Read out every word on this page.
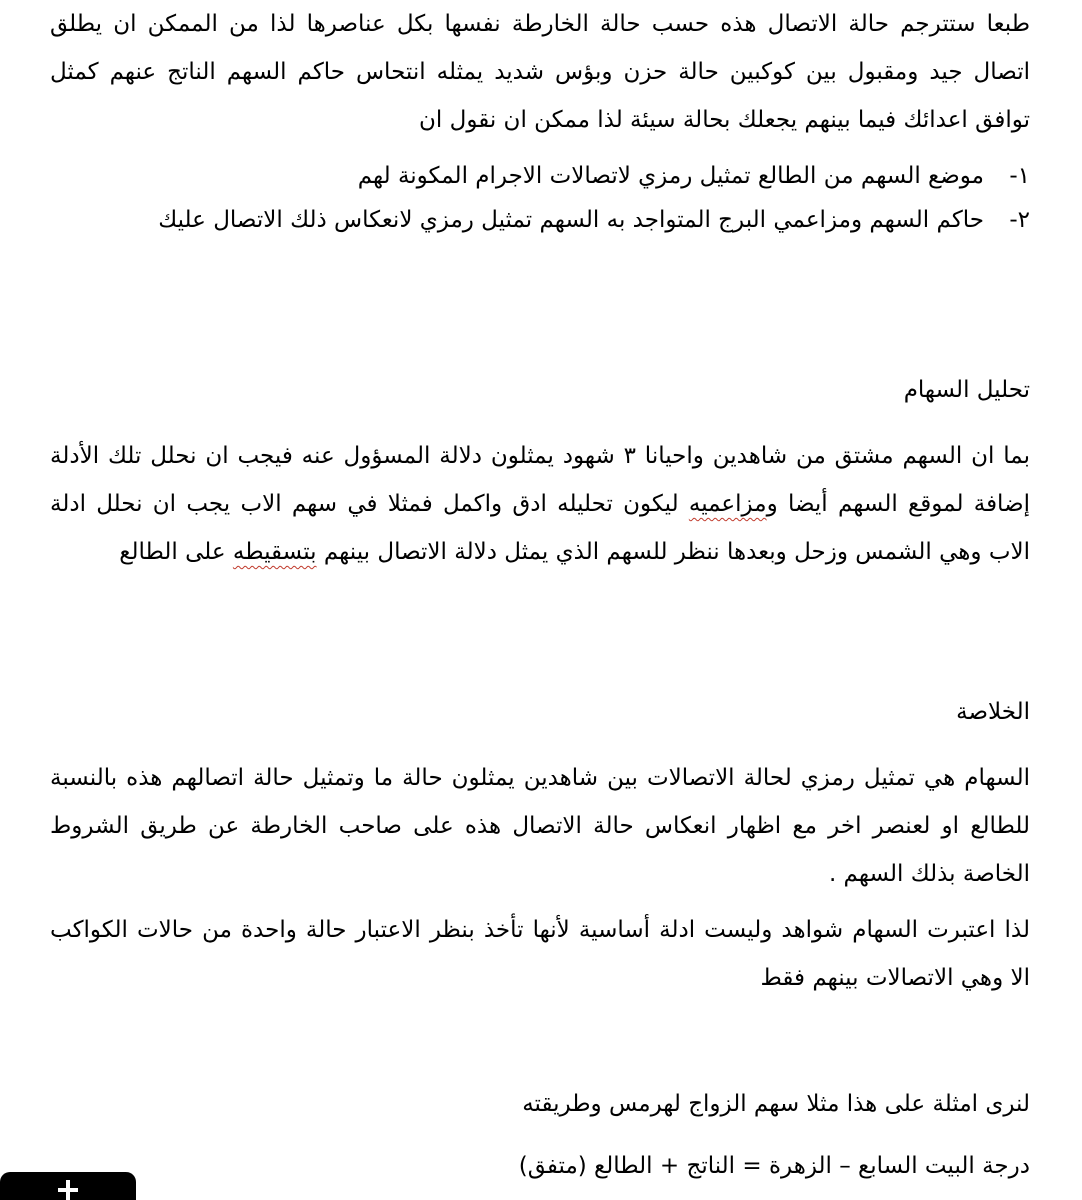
طبعا ستترجم حالة الاتصال هذه حسب حالة الخارطة نفسها بكل عناصرها لذا من الممكن ان يطلق اتصال جيد ومقبول بين كوكبين حالة حزن وبؤس شديد يمثله انتحاس حاكم السهم الناتج عنهم كمثل توافق اعدائك فيما بينهم يجعلك بحالة سيئة لذا ممكن ان نقول ان

١-
موضع السهم من الطالع تمثيل رمزي لاتصالات الاجرام المكونة لهم
٢-
حاكم السهم ومزاعمي البرج المتواجد به السهم تمثيل رمزي لانعكاس ذلك الاتصال عليك
تحليل السهام

بما ان السهم مشتق من شاهدين واحيانا ٣ شهود يمثلون دلالة المسؤول عنه فيجب ان نحلل تلك الأدلة إضافة لموقع السهم أيضا ومزاعميه ليكون تحليله ادق واكمل فمثلا في سهم الاب يجب ان نحلل ادلة الاب وهي الشمس وزحل وبعدها ننظر للسهم الذي يمثل دلالة الاتصال بينهم بتسقيطه على الطالع

الخلاصة

السهام هي تمثيل رمزي لحالة الاتصالات بين شاهدين يمثلون حالة ما وتمثيل حالة اتصالهم هذه بالنسبة للطالع او لعنصر اخر مع اظهار انعكاس حالة الاتصال هذه على صاحب الخارطة عن طريق الشروط الخاصة بذلك السهم .

لذا اعتبرت السهام شواهد وليست ادلة أساسية لأنها تأخذ بنظر الاعتبار حالة واحدة من حالات الكواكب الا وهي الاتصالات بينهم فقط

لنرى امثلة على هذا مثلا سهم الزواج لهرمس وطريقته

درجة البيت السابع – الزهرة = الناتج + الطالع (متفق)
